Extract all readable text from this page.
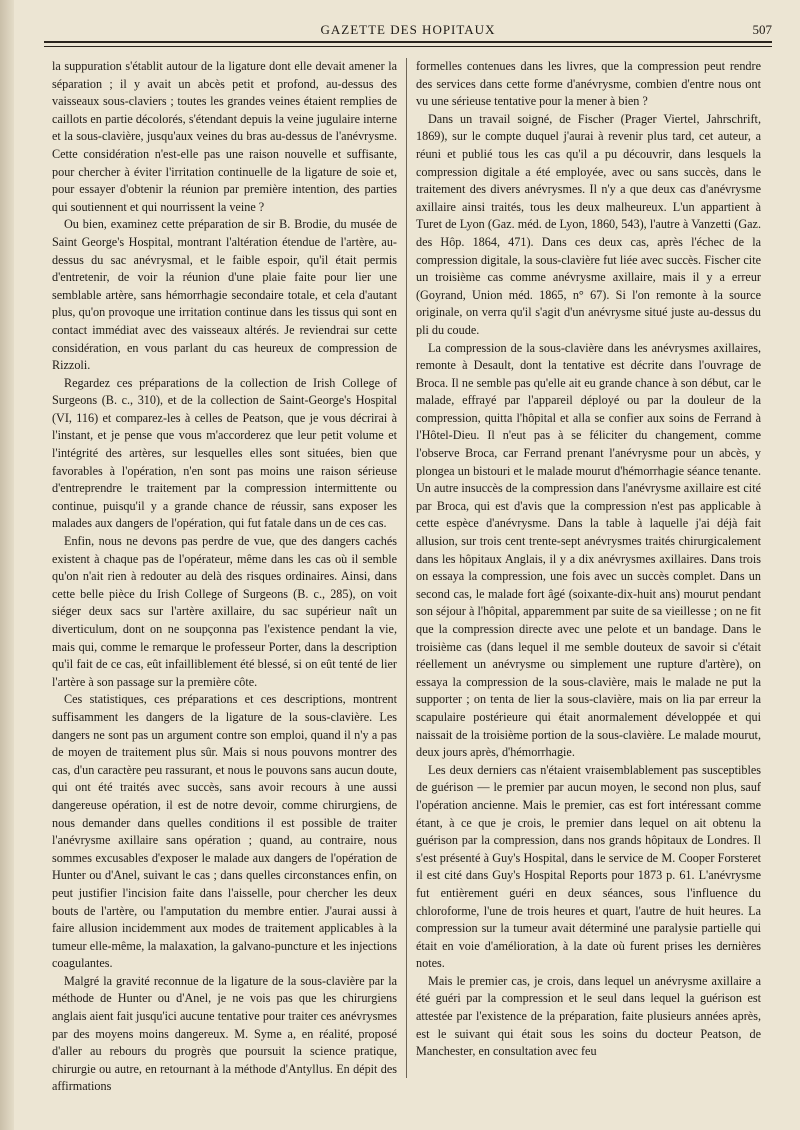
GAZETTE DES HOPITAUX	507

la suppuration s'établit autour de la ligature dont elle devait amener la séparation ; il y avait un abcès petit et profond, au-dessus des vaisseaux sous-claviers ; toutes les grandes veines étaient remplies de caillots en partie décolorés, s'étendant depuis la veine jugulaire interne et la sous-clavière, jusqu'aux veines du bras au-dessus de l'anévrysme. Cette considération n'est-elle pas une raison nouvelle et suffisante, pour chercher à éviter l'irritation continuelle de la ligature de soie et, pour essayer d'obtenir la réunion par première intention, des parties qui soutiennent et qui nourrissent la veine ?

Ou bien, examinez cette préparation de sir B. Brodie, du musée de Saint George's Hospital, montrant l'altération étendue de l'artère, au-dessus du sac anévrysmal, et le faible espoir, qu'il était permis d'entretenir, de voir la réunion d'une plaie faite pour lier une semblable artère, sans hémorrhagie secondaire totale, et cela d'autant plus, qu'on provoque une irritation continue dans les tissus qui sont en contact immédiat avec des vaisseaux altérés. Je reviendrai sur cette considération, en vous parlant du cas heureux de compression de Rizzoli.

Regardez ces préparations de la collection de Irish College of Surgeons (B. c., 310), et de la collection de Saint-George's Hospital (VI, 116) et comparez-les à celles de Peatson, que je vous décrirai à l'instant, et je pense que vous m'accorderez que leur petit volume et l'intégrité des artères, sur lesquelles elles sont situées, bien que favorables à l'opération, n'en sont pas moins une raison sérieuse d'entreprendre le traitement par la compression intermittente ou continue, puisqu'il y a grande chance de réussir, sans exposer les malades aux dangers de l'opération, qui fut fatale dans un de ces cas.

Enfin, nous ne devons pas perdre de vue, que des dangers cachés existent à chaque pas de l'opérateur, même dans les cas où il semble qu'on n'ait rien à redouter au delà des risques ordinaires. Ainsi, dans cette belle pièce du Irish College of Surgeons (B. c., 285), on voit siéger deux sacs sur l'artère axillaire, du sac supérieur naît un diverticulum, dont on ne soupçonna pas l'existence pendant la vie, mais qui, comme le remarque le professeur Porter, dans la description qu'il fait de ce cas, eût infailliblement été blessé, si on eût tenté de lier l'artère à son passage sur la première côte.

Ces statistiques, ces préparations et ces descriptions, montrent suffisamment les dangers de la ligature de la sous-clavière. Les dangers ne sont pas un argument contre son emploi, quand il n'y a pas de moyen de traitement plus sûr. Mais si nous pouvons montrer des cas, d'un caractère peu rassurant, et nous le pouvons sans aucun doute, qui ont été traités avec succès, sans avoir recours à une aussi dangereuse opération, il est de notre devoir, comme chirurgiens, de nous demander dans quelles conditions il est possible de traiter l'anévrysme axillaire sans opération ; quand, au contraire, nous sommes excusables d'exposer le malade aux dangers de l'opération de Hunter ou d'Anel, suivant le cas ; dans quelles circonstances enfin, on peut justifier l'incision faite dans l'aisselle, pour chercher les deux bouts de l'artère, ou l'amputation du membre entier. J'aurai aussi à faire allusion incidemment aux modes de traitement applicables à la tumeur elle-même, la malaxation, la galvano-puncture et les injections coagulantes.

Malgré la gravité reconnue de la ligature de la sous-clavière par la méthode de Hunter ou d'Anel, je ne vois pas que les chirurgiens anglais aient fait jusqu'ici aucune tentative pour traiter ces anévrysmes par des moyens moins dangereux. M. Syme a, en réalité, proposé d'aller au rebours du progrès que poursuit la science pratique, chirurgie ou autre, en retournant à la méthode d'Antyllus. En dépit des affirmations

formelles contenues dans les livres, que la compression peut rendre des services dans cette forme d'anévrysme, combien d'entre nous ont vu une sérieuse tentative pour la mener à bien ?

Dans un travail soigné, de Fischer (Prager Viertel, Jahrschrift, 1869), sur le compte duquel j'aurai à revenir plus tard, cet auteur, a réuni et publié tous les cas qu'il a pu découvrir, dans lesquels la compression digitale a été employée, avec ou sans succès, dans le traitement des divers anévrysmes. Il n'y a que deux cas d'anévrysme axillaire ainsi traités, tous les deux malheureux. L'un appartient à Turet de Lyon (Gaz. méd. de Lyon, 1860, 543), l'autre à Vanzetti (Gaz. des Hôp. 1864, 471). Dans ces deux cas, après l'échec de la compression digitale, la sous-clavière fut liée avec succès. Fischer cite un troisième cas comme anévrysme axillaire, mais il y a erreur (Goyrand, Union méd. 1865, n° 67). Si l'on remonte à la source originale, on verra qu'il s'agit d'un anévrysme situé juste au-dessus du pli du coude.

La compression de la sous-clavière dans les anévrysmes axillaires, remonte à Desault, dont la tentative est décrite dans l'ouvrage de Broca. Il ne semble pas qu'elle ait eu grande chance à son début, car le malade, effrayé par l'appareil déployé ou par la douleur de la compression, quitta l'hôpital et alla se confier aux soins de Ferrand à l'Hôtel-Dieu. Il n'eut pas à se féliciter du changement, comme l'observe Broca, car Ferrand prenant l'anévrysme pour un abcès, y plongea un bistouri et le malade mourut d'hémorrhagie séance tenante. Un autre insuccès de la compression dans l'anévrysme axillaire est cité par Broca, qui est d'avis que la compression n'est pas applicable à cette espèce d'anévrysme. Dans la table à laquelle j'ai déjà fait allusion, sur trois cent trente-sept anévrysmes traités chirurgicalement dans les hôpitaux Anglais, il y a dix anévrysmes axillaires. Dans trois on essaya la compression, une fois avec un succès complet. Dans un second cas, le malade fort âgé (soixante-dix-huit ans) mourut pendant son séjour à l'hôpital, apparemment par suite de sa vieillesse ; on ne fit que la compression directe avec une pelote et un bandage. Dans le troisième cas (dans lequel il me semble douteux de savoir si c'était réellement un anévrysme ou simplement une rupture d'artère), on essaya la compression de la sous-clavière, mais le malade ne put la supporter ; on tenta de lier la sous-clavière, mais on lia par erreur la scapulaire postérieure qui était anormalement développée et qui naissait de la troisième portion de la sous-clavière. Le malade mourut, deux jours après, d'hémorrhagie.

Les deux derniers cas n'étaient vraisemblablement pas susceptibles de guérison — le premier par aucun moyen, le second non plus, sauf l'opération ancienne. Mais le premier, cas est fort intéressant comme étant, à ce que je crois, le premier dans lequel on ait obtenu la guérison par la compression, dans nos grands hôpitaux de Londres. Il s'est présenté à Guy's Hospital, dans le service de M. Cooper Forsteret il est cité dans Guy's Hospital Reports pour 1873 p. 61. L'anévrysme fut entièrement guéri en deux séances, sous l'influence du chloroforme, l'une de trois heures et quart, l'autre de huit heures. La compression sur la tumeur avait déterminé une paralysie partielle qui était en voie d'amélioration, à la date où furent prises les dernières notes.

Mais le premier cas, je crois, dans lequel un anévrysme axillaire a été guéri par la compression et le seul dans lequel la guérison est attestée par l'existence de la préparation, faite plusieurs années après, est le suivant qui était sous les soins du docteur Peatson, de Manchester, en consultation avec feu
